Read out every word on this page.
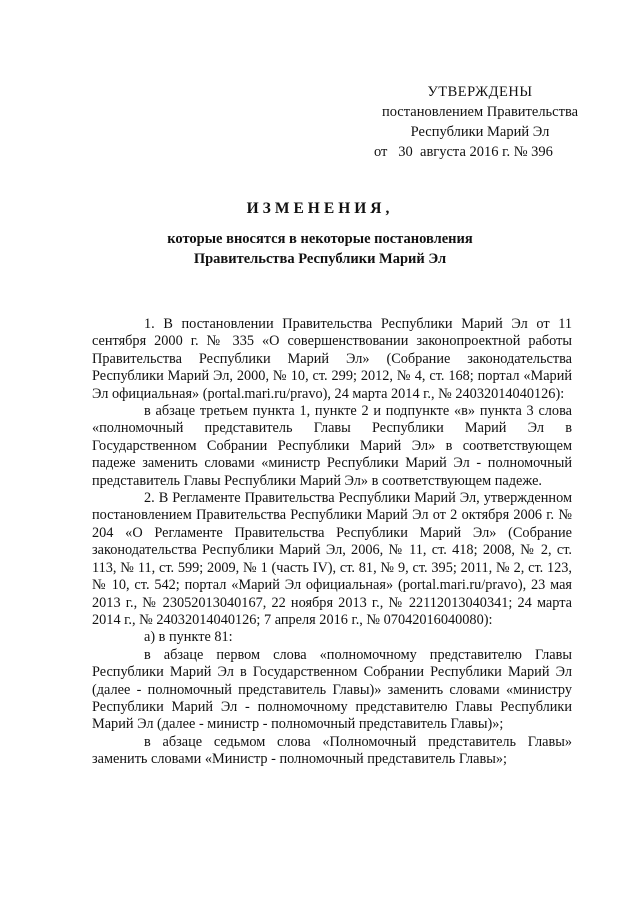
УТВЕРЖДЕНЫ
постановлением Правительства
Республики Марий Эл
от   30  августа 2016 г. № 396
ИЗМЕНЕНИЯ,
которые вносятся в некоторые постановления
Правительства Республики Марий Эл

1. В постановлении Правительства Республики Марий Эл от 11 сентября 2000 г. № 335 «О совершенствовании законопроектной работы Правительства Республики Марий Эл» (Собрание законодательства Республики Марий Эл, 2000, № 10, ст. 299; 2012, № 4, ст. 168; портал «Марий Эл официальная» (portal.mari.ru/pravo), 24 марта 2014 г., № 24032014040126):

в абзаце третьем пункта 1, пункте 2 и подпункте «в» пункта 3 слова «полномочный представитель Главы Республики Марий Эл в Государственном Собрании Республики Марий Эл» в соответствующем падеже заменить словами «министр Республики Марий Эл - полномочный представитель Главы Республики Марий Эл» в соответствующем падеже.

2. В Регламенте Правительства Республики Марий Эл, утвержденном постановлением Правительства Республики Марий Эл от 2 октября 2006 г. № 204 «О Регламенте Правительства Республики Марий Эл» (Собрание законодательства Республики Марий Эл, 2006, № 11, ст. 418; 2008, № 2, ст. 113, № 11, ст. 599; 2009, № 1 (часть IV), ст. 81, № 9, ст. 395; 2011, № 2, ст. 123, № 10, ст. 542; портал «Марий Эл официальная» (portal.mari.ru/pravo), 23 мая 2013 г., № 23052013040167, 22 ноября 2013 г., № 22112013040341; 24 марта 2014 г., № 24032014040126; 7 апреля 2016 г., № 07042016040080):

а) в пункте 81:

в абзаце первом слова «полномочному представителю Главы Республики Марий Эл в Государственном Собрании Республики Марий Эл (далее - полномочный представитель Главы)» заменить словами «министру Республики Марий Эл - полномочному представителю Главы Республики Марий Эл (далее - министр - полномочный представитель Главы)»;

в абзаце седьмом слова «Полномочный представитель Главы» заменить словами «Министр - полномочный представитель Главы»;
